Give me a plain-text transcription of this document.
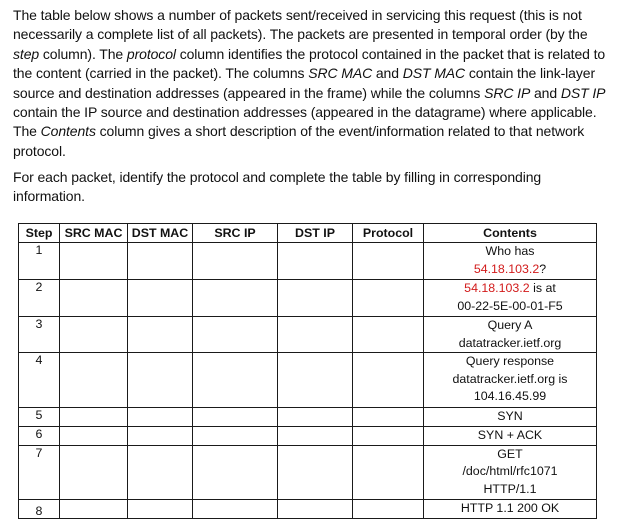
The table below shows a number of packets sent/received in servicing this request (this is not necessarily a complete list of all packets). The packets are presented in temporal order (by the step column). The protocol column identifies the protocol contained in the packet that is related to the content (carried in the packet). The columns SRC MAC and DST MAC contain the link-layer source and destination addresses (appeared in the frame) while the columns SRC IP and DST IP contain the IP source and destination addresses (appeared in the datagrame) where applicable. The Contents column gives a short description of the event/information related to that network protocol.
For each packet, identify the protocol and complete the table by filling in corresponding information.
Step	SRC MAC	DST MAC	SRC IP	DST IP	Protocol	Contents
1						Who has
54.18.103.2?
2						54.18.103.2 is at
00-22-5E-00-01-F5
3						Query A
datatracker.ietf.org
4						Query response
datatracker.ietf.org is
104.16.45.99
5						SYN
6						SYN + ACK
7						GET
/doc/html/rfc1071
HTTP/1.1
8						HTTP 1.1 200 OK
